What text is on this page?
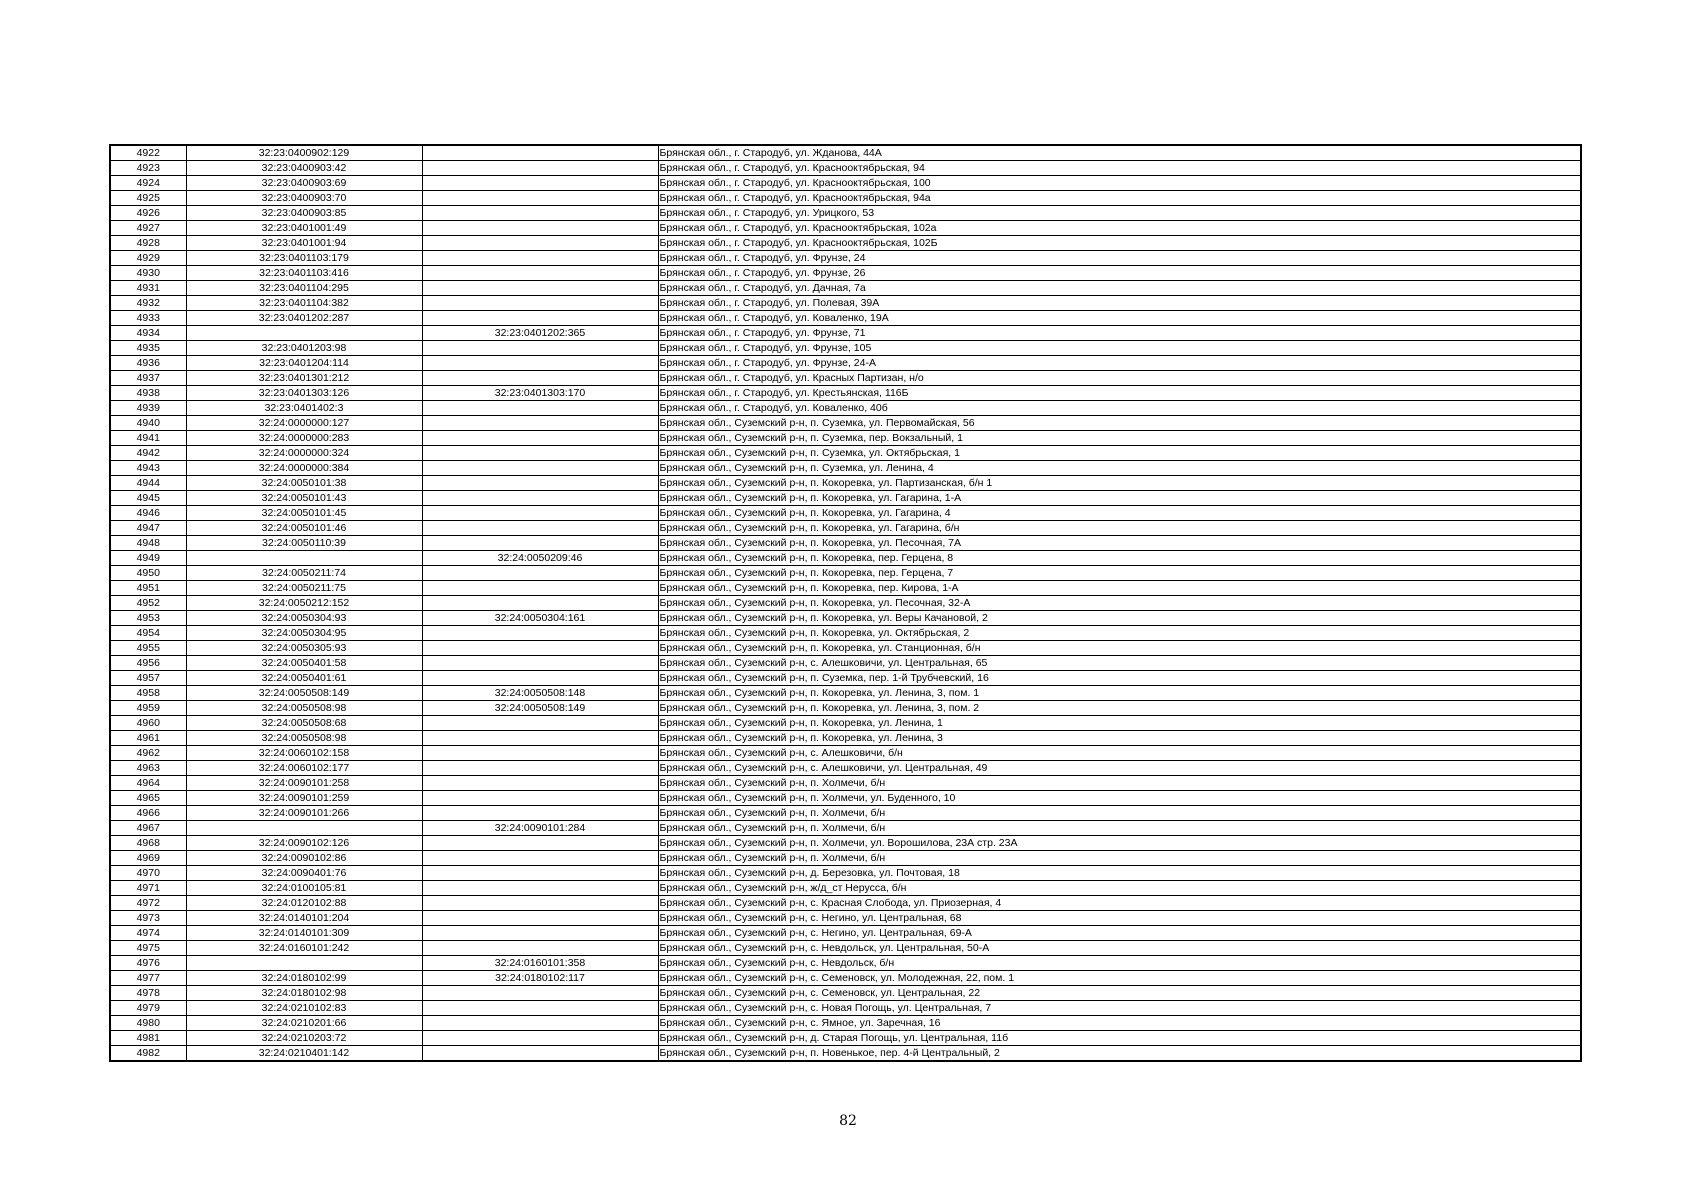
4922	32:23:0400902:129		Брянская обл., г. Стародуб, ул. Жданова, 44А
4923	32:23:0400903:42		Брянская обл., г. Стародуб, ул. Краснооктябрьская, 94
4924	32:23:0400903:69		Брянская обл., г. Стародуб, ул. Краснооктябрьская, 100
4925	32:23:0400903:70		Брянская обл., г. Стародуб, ул. Краснооктябрьская, 94а
4926	32:23:0400903:85		Брянская обл., г. Стародуб, ул. Урицкого, 53
4927	32:23:0401001:49		Брянская обл., г. Стародуб, ул. Краснооктябрьская, 102а
4928	32:23:0401001:94		Брянская обл., г. Стародуб, ул. Краснооктябрьская, 102Б
4929	32:23:0401103:179		Брянская обл., г. Стародуб, ул. Фрунзе, 24
4930	32:23:0401103:416		Брянская обл., г. Стародуб, ул. Фрунзе, 26
4931	32:23:0401104:295		Брянская обл., г. Стародуб, ул. Дачная, 7а
4932	32:23:0401104:382		Брянская обл., г. Стародуб, ул. Полевая, 39А
4933	32:23:0401202:287		Брянская обл., г. Стародуб, ул. Коваленко, 19А
4934		32:23:0401202:365	Брянская обл., г. Стародуб, ул. Фрунзе, 71
4935	32:23:0401203:98		Брянская обл., г. Стародуб, ул. Фрунзе, 105
4936	32:23:0401204:114		Брянская обл., г. Стародуб, ул. Фрунзе, 24-А
4937	32:23:0401301:212		Брянская обл., г. Стародуб, ул. Красных Партизан, н/о
4938	32:23:0401303:126	32:23:0401303:170	Брянская обл., г. Стародуб, ул. Крестьянская, 116Б
4939	32:23:0401402:3		Брянская обл., г. Стародуб, ул. Коваленко, 40б
4940	32:24:0000000:127		Брянская обл., Суземский р-н, п. Суземка, ул. Первомайская, 56
4941	32:24:0000000:283		Брянская обл., Суземский р-н, п. Суземка, пер. Вокзальный, 1
4942	32:24:0000000:324		Брянская обл., Суземский р-н, п. Суземка, ул. Октябрьская, 1
4943	32:24:0000000:384		Брянская обл., Суземский р-н, п. Суземка, ул. Ленина, 4
4944	32:24:0050101:38		Брянская обл., Суземский р-н, п. Кокоревка, ул. Партизанская, б/н 1
4945	32:24:0050101:43		Брянская обл., Суземский р-н, п. Кокоревка, ул. Гагарина, 1-А
4946	32:24:0050101:45		Брянская обл., Суземский р-н, п. Кокоревка, ул. Гагарина, 4
4947	32:24:0050101:46		Брянская обл., Суземский р-н, п. Кокоревка, ул. Гагарина, б/н
4948	32:24:0050110:39		Брянская обл., Суземский р-н, п. Кокоревка, ул. Песочная, 7А
4949		32:24:0050209:46	Брянская обл., Суземский р-н, п. Кокоревка, пер. Герцена, 8
4950	32:24:0050211:74		Брянская обл., Суземский р-н, п. Кокоревка, пер. Герцена, 7
4951	32:24:0050211:75		Брянская обл., Суземский р-н, п. Кокоревка, пер. Кирова, 1-А
4952	32:24:0050212:152		Брянская обл., Суземский р-н, п. Кокоревка, ул. Песочная, 32-А
4953	32:24:0050304:93	32:24:0050304:161	Брянская обл., Суземский р-н, п. Кокоревка, ул. Веры Качановой, 2
4954	32:24:0050304:95		Брянская обл., Суземский р-н, п. Кокоревка, ул. Октябрьская, 2
4955	32:24:0050305:93		Брянская обл., Суземский р-н, п. Кокоревка, ул. Станционная, б/н
4956	32:24:0050401:58		Брянская обл., Суземский р-н, с. Алешковичи, ул. Центральная, 65
4957	32:24:0050401:61		Брянская обл., Суземский р-н, п. Суземка, пер. 1-й Трубчевский, 16
4958	32:24:0050508:149	32:24:0050508:148	Брянская обл., Суземский р-н, п. Кокоревка, ул. Ленина, 3, пом. 1
4959	32:24:0050508:98	32:24:0050508:149	Брянская обл., Суземский р-н, п. Кокоревка, ул. Ленина, 3, пом. 2
4960	32:24:0050508:68		Брянская обл., Суземский р-н, п. Кокоревка, ул. Ленина, 1
4961	32:24:0050508:98		Брянская обл., Суземский р-н, п. Кокоревка, ул. Ленина, 3
4962	32:24:0060102:158		Брянская обл., Суземский р-н, с. Алешковичи, б/н
4963	32:24:0060102:177		Брянская обл., Суземский р-н, с. Алешковичи, ул. Центральная, 49
4964	32:24:0090101:258		Брянская обл., Суземский р-н, п. Холмечи, б/н
4965	32:24:0090101:259		Брянская обл., Суземский р-н, п. Холмечи, ул. Буденного, 10
4966	32:24:0090101:266		Брянская обл., Суземский р-н, п. Холмечи, б/н
4967		32:24:0090101:284	Брянская обл., Суземский р-н, п. Холмечи, б/н
4968	32:24:0090102:126		Брянская обл., Суземский р-н, п. Холмечи, ул. Ворошилова, 23А стр. 23А
4969	32:24:0090102:86		Брянская обл., Суземский р-н, п. Холмечи, б/н
4970	32:24:0090401:76		Брянская обл., Суземский р-н, д. Березовка, ул. Почтовая, 18
4971	32:24:0100105:81		Брянская обл., Суземский р-н, ж/д_ст Нерусса, б/н
4972	32:24:0120102:88		Брянская обл., Суземский р-н, с. Красная Слобода, ул. Приозерная, 4
4973	32:24:0140101:204		Брянская обл., Суземский р-н, с. Негино, ул. Центральная, 68
4974	32:24:0140101:309		Брянская обл., Суземский р-н, с. Негино, ул. Центральная, 69-А
4975	32:24:0160101:242		Брянская обл., Суземский р-н, с. Невдольск, ул. Центральная, 50-А
4976		32:24:0160101:358	Брянская обл., Суземский р-н, с. Невдольск, б/н
4977	32:24:0180102:99	32:24:0180102:117	Брянская обл., Суземский р-н, с. Семеновск, ул. Молодежная, 22, пом. 1
4978	32:24:0180102:98		Брянская обл., Суземский р-н, с. Семеновск, ул. Центральная, 22
4979	32:24:0210102:83		Брянская обл., Суземский р-н, с. Новая Погощь, ул. Центральная, 7
4980	32:24:0210201:66		Брянская обл., Суземский р-н, с. Ямное, ул. Заречная, 16
4981	32:24:0210203:72		Брянская обл., Суземский р-н, д. Старая Погощь, ул. Центральная, 11б
4982	32:24:0210401:142		Брянская обл., Суземский р-н, п. Новенькое, пер. 4-й Центральный, 2
82
